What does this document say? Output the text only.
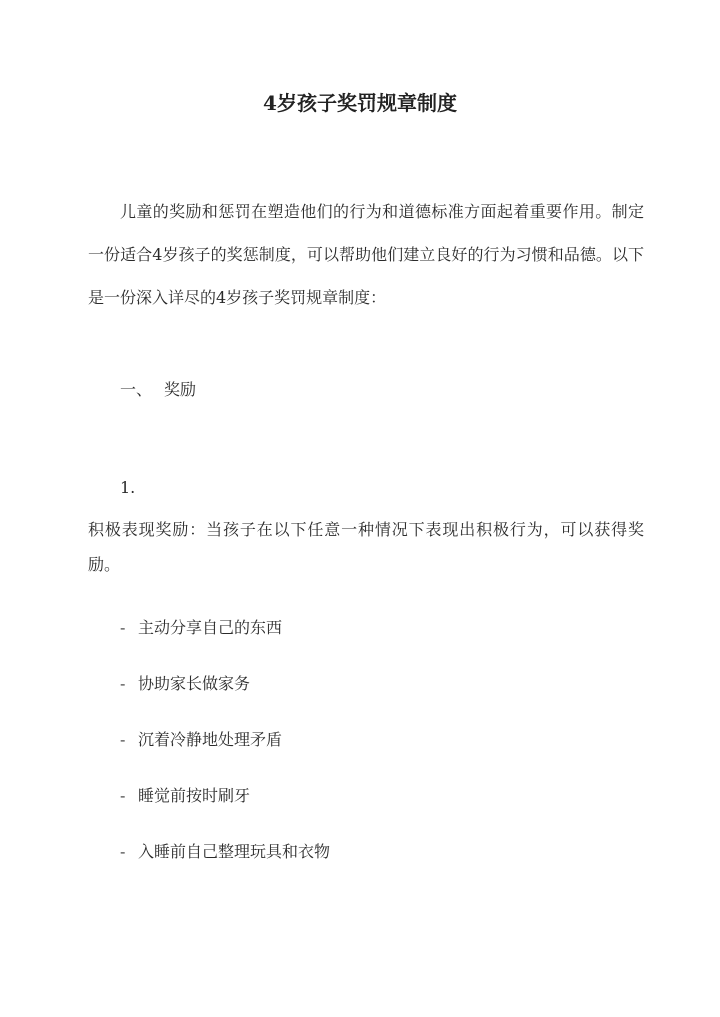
4岁孩子奖罚规章制度

儿童的奖励和惩罚在塑造他们的行为和道德标准方面起着重要作用。制定一份适合4岁孩子的奖惩制度，可以帮助他们建立良好的行为习惯和品德。以下是一份深入详尽的4岁孩子奖罚规章制度：

一、 奖励

1.

积极表现奖励：当孩子在以下任意一种情况下表现出积极行为，可以获得奖励。

- 主动分享自己的东西
- 协助家长做家务
- 沉着冷静地处理矛盾
- 睡觉前按时刷牙
- 入睡前自己整理玩具和衣物
